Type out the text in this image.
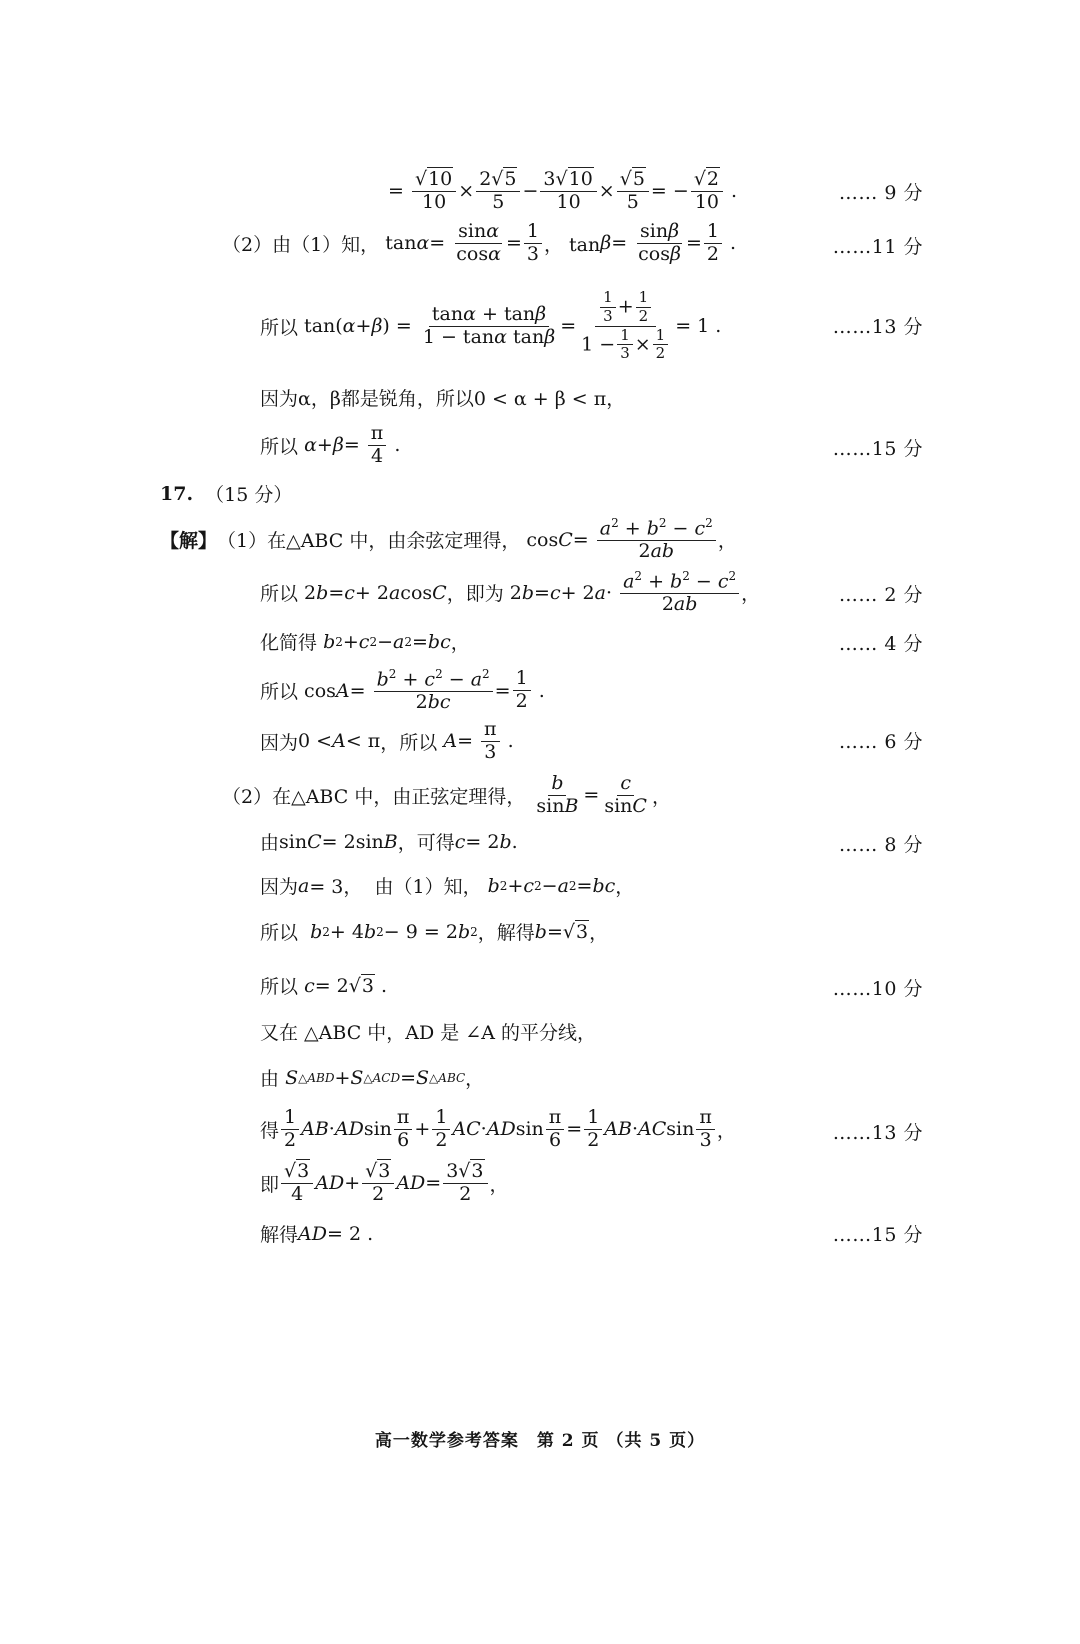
=
√10
10 ×
2√5
5 −
3√10
10 ×
√5
5 = −
√2
10 .	…… 9 分
（2）由（1）知， tan α =
sinα
cosα =
1
3 ， tan β =
sinβ
cosβ =
1
2 .	……11 分
所以 tan( α + β ) =
tanα + tanβ
1 − tanα tanβ =
$\frac{1}{3} + \frac{1}{2}$
$1 - \frac{1}{3} \times \frac{1}{2}$
= 1 .	……13 分
因为α，β都是锐角，所以0 < α + β < π，
所以
α + β =
π
4 .	……15 分
17.
（15 分）
【解】 （1）在△ABC 中，由余弦定理得， cos C =
$a^2 + b^2 - c^2$
2ab ，
所以 2 b = c + 2 a cos C ，即为 2 b = c + 2 a ·
$a^2 + b^2 - c^2$
2ab ，	…… 2 分
化简得
b 2 + c 2 − a 2 = bc ，	…… 4 分
所以 cos A =
$b^2 + c^2 - a^2$
2bc
=
1
2 .
因为 0 < A < π ，所以
A =
π
3 .	…… 6 分
（2）在△ABC 中，由正弦定理得，

b
sinB =
c
sinC ，
由 sin C = 2sin B ，可得 c = 2 b .	…… 8 分
因为 a = 3， 由（1）知，
b 2 + c 2 − a 2 = bc ，
所以
b 2 + 4 b 2 − 9 = 2 b 2 ，解得 b = √ 3 ，
所以
c = 2 √ 3 .	……10 分
又在 △ABC 中，AD 是 ∠A 的平分线，
由
S △ABD + S △ACD = S △ABC ，
得
1
2 AB · AD sin
π
6 +
1
2 AC · AD sin
π
6 =
1
2 AB · AC sin
π
3 ，	……13 分
即
√3
4 AD +
√3
2 AD =
3√3
2 ，
解得 AD = 2 .	……15 分
高一数学参考答案　第 2 页 （共 5 页）
